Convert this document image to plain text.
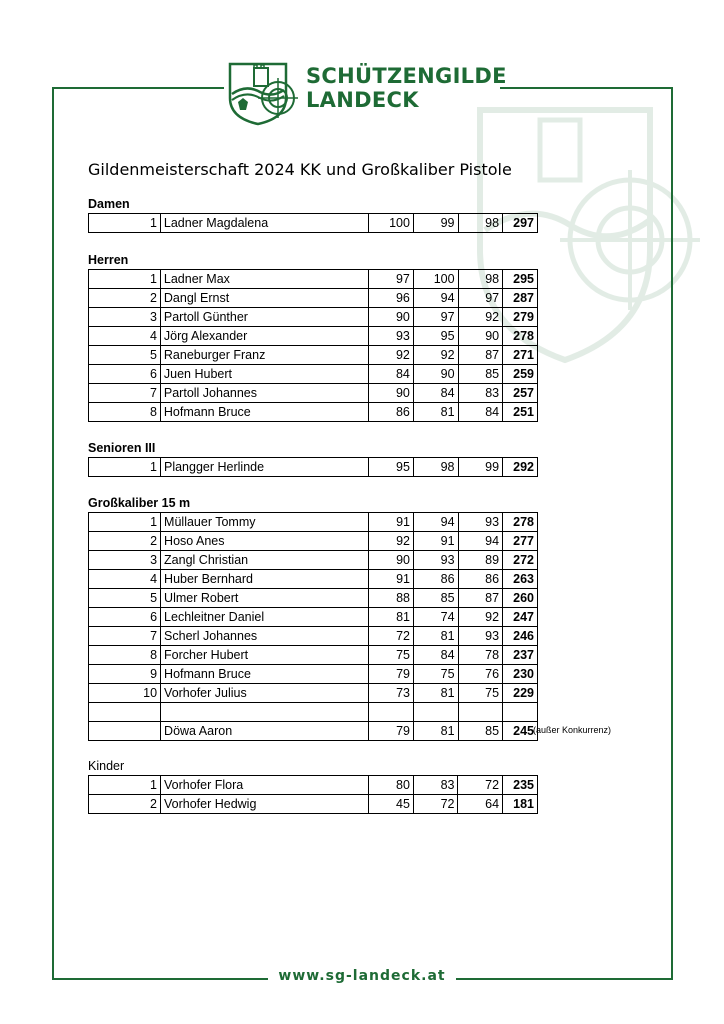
SCHÜTZENGILDE
LANDECK
Gildenmeisterschaft 2024 KK und Großkaliber Pistole
Damen
1	Ladner Magdalena	100	99	98	297
Herren
1	Ladner Max	97	100	98	295
2	Dangl Ernst	96	94	97	287
3	Partoll Günther	90	97	92	279
4	Jörg Alexander	93	95	90	278
5	Raneburger Franz	92	92	87	271
6	Juen Hubert	84	90	85	259
7	Partoll Johannes	90	84	83	257
8	Hofmann Bruce	86	81	84	251
Senioren III
1	Plangger Herlinde	95	98	99	292
Großkaliber 15 m
1	Müllauer Tommy	91	94	93	278
2	Hoso Anes	92	91	94	277
3	Zangl Christian	90	93	89	272
4	Huber Bernhard	91	86	86	263
5	Ulmer Robert	88	85	87	260
6	Lechleitner Daniel	81	74	92	247
7	Scherl Johannes	72	81	93	246
8	Forcher Hubert	75	84	78	237
9	Hofmann Bruce	79	75	76	230
10	Vorhofer Julius	73	81	75	229

	Döwa Aaron	79	81	85	245 (außer Konkurrenz)
Kinder
1	Vorhofer Flora	80	83	72	235
2	Vorhofer Hedwig	45	72	64	181
www.sg-landeck.at
